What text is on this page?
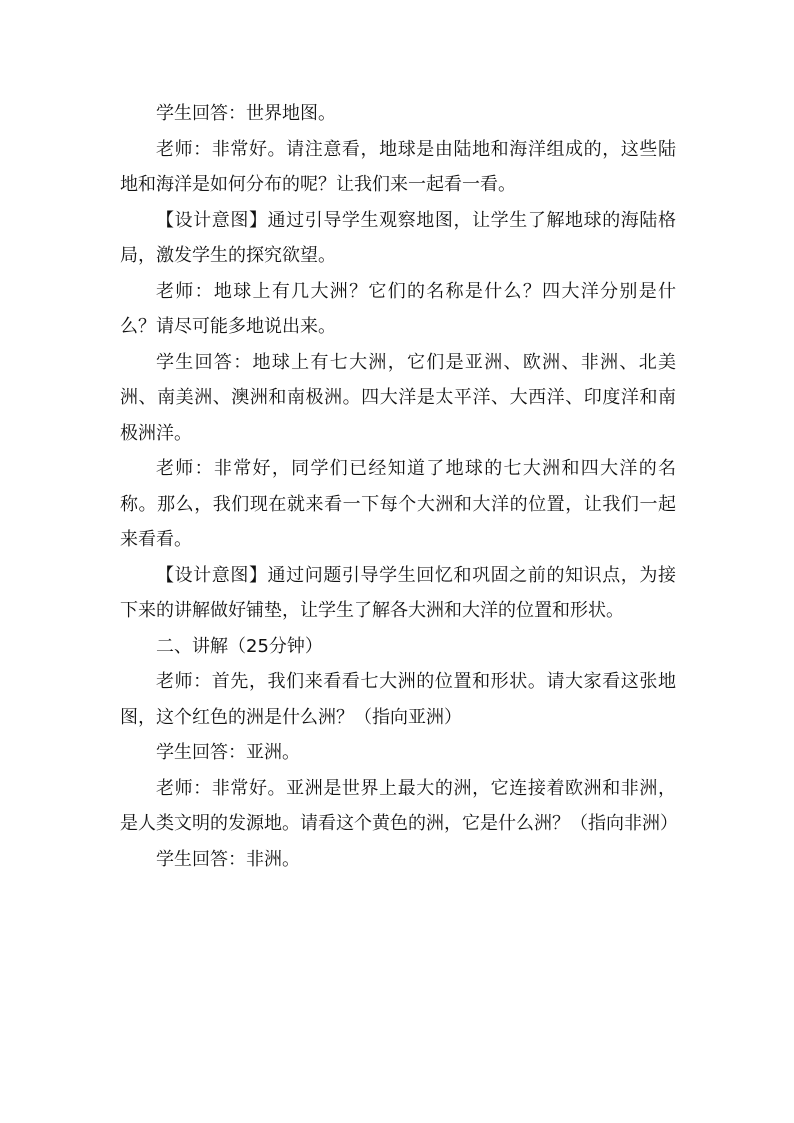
学生回答：世界地图。

老师：非常好。请注意看，地球是由陆地和海洋组成的，这些陆地和海洋是如何分布的呢？让我们来一起看一看。

【设计意图】通过引导学生观察地图，让学生了解地球的海陆格局，激发学生的探究欲望。

老师：地球上有几大洲？它们的名称是什么？四大洋分别是什么？请尽可能多地说出来。

学生回答：地球上有七大洲，它们是亚洲、欧洲、非洲、北美洲、南美洲、澳洲和南极洲。四大洋是太平洋、大西洋、印度洋和南极洲洋。

老师：非常好，同学们已经知道了地球的七大洲和四大洋的名称。那么，我们现在就来看一下每个大洲和大洋的位置，让我们一起来看看。

【设计意图】通过问题引导学生回忆和巩固之前的知识点，为接下来的讲解做好铺垫，让学生了解各大洲和大洋的位置和形状。

二、讲解（25分钟）

老师：首先，我们来看看七大洲的位置和形状。请大家看这张地图，这个红色的洲是什么洲？（指向亚洲）

学生回答：亚洲。

老师：非常好。亚洲是世界上最大的洲，它连接着欧洲和非洲，是人类文明的发源地。请看这个黄色的洲，它是什么洲？（指向非洲）

学生回答：非洲。
